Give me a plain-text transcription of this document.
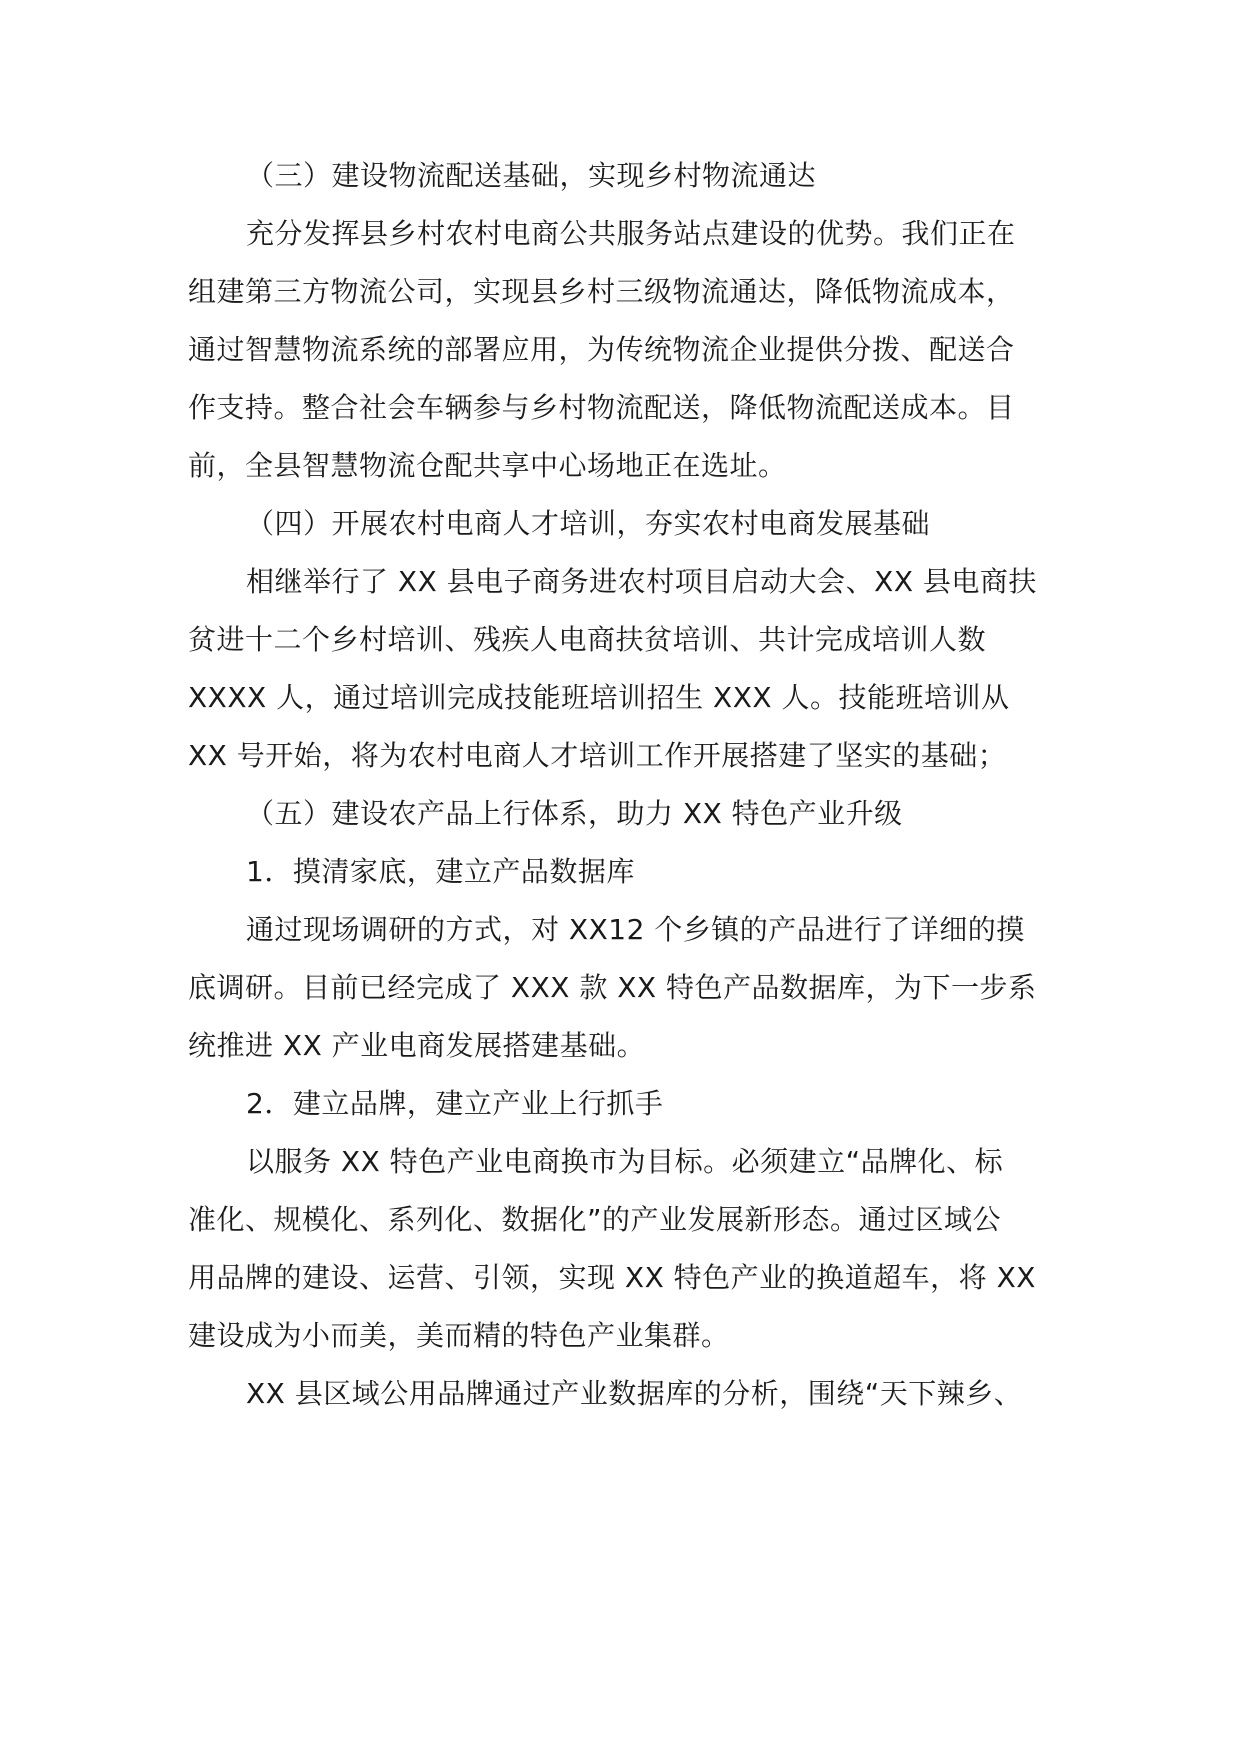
（三）建设物流配送基础，实现乡村物流通达
充分发挥县乡村农村电商公共服务站点建设的优势。我们正在
组建第三方物流公司，实现县乡村三级物流通达，降低物流成本，
通过智慧物流系统的部署应用，为传统物流企业提供分拨、配送合
作支持。整合社会车辆参与乡村物流配送，降低物流配送成本。目
前，全县智慧物流仓配共享中心场地正在选址。
（四）开展农村电商人才培训，夯实农村电商发展基础
相继举行了 XX 县电子商务进农村项目启动大会、XX 县电商扶
贫进十二个乡村培训、残疾人电商扶贫培训、共计完成培训人数
XXXX 人，通过培训完成技能班培训招生 XXX 人。技能班培训从
XX 号开始，将为农村电商人才培训工作开展搭建了坚实的基础；
（五）建设农产品上行体系，助力 XX 特色产业升级
1．摸清家底，建立产品数据库
通过现场调研的方式，对 XX12 个乡镇的产品进行了详细的摸
底调研。目前已经完成了 XXX 款 XX 特色产品数据库，为下一步系
统推进 XX 产业电商发展搭建基础。
2．建立品牌，建立产业上行抓手
以服务 XX 特色产业电商换市为目标。必须建立“品牌化、标
准化、规模化、系列化、数据化”的产业发展新形态。通过区域公
用品牌的建设、运营、引领，实现 XX 特色产业的换道超车，将 XX
建设成为小而美，美而精的特色产业集群。
XX 县区域公用品牌通过产业数据库的分析，围绕“天下辣乡、
